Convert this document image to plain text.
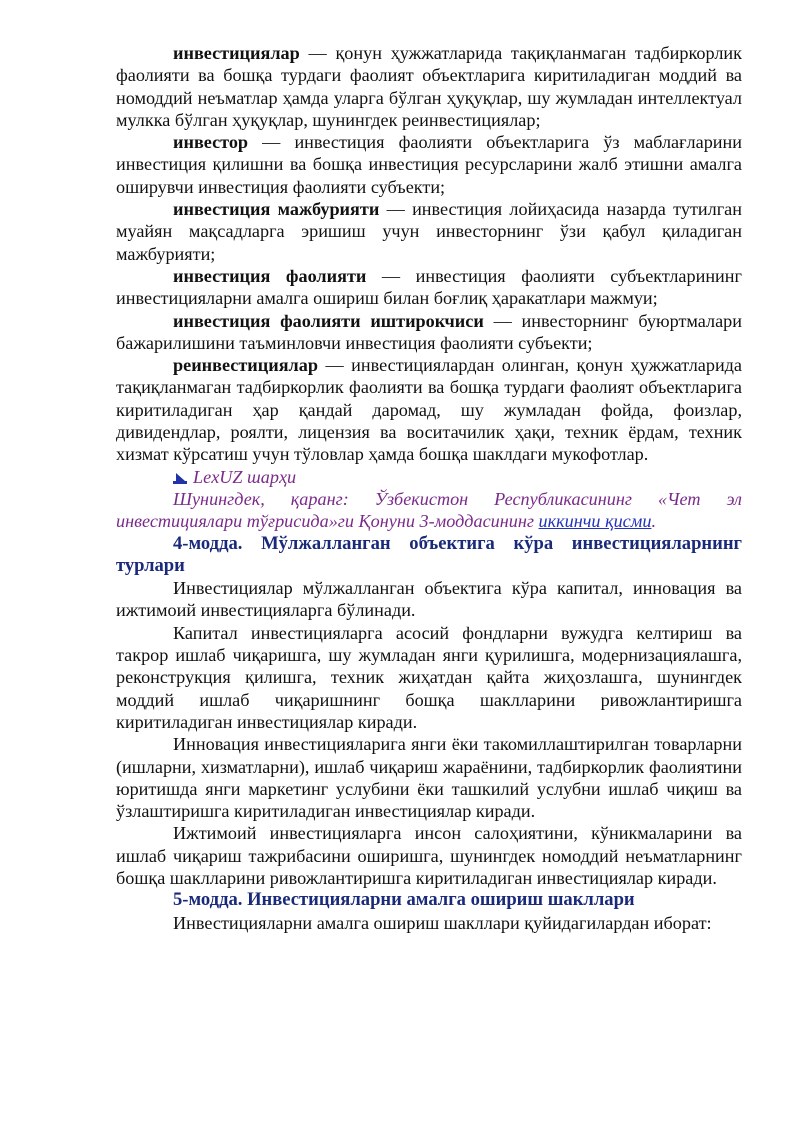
инвестициялар — қонун ҳужжатларида тақиқланмаган тадбиркорлик фаолияти ва бошқа турдаги фаолият объектларига киритиладиган моддий ва номоддий неъматлар ҳамда уларга бўлган ҳуқуқлар, шу жумладан интеллектуал мулкка бўлган ҳуқуқлар, шунингдек реинвестициялар;

инвестор — инвестиция фаолияти объектларига ўз маблағларини инвестиция қилишни ва бошқа инвестиция ресурсларини жалб этишни амалга оширувчи инвестиция фаолияти субъекти;

инвестиция мажбурияти — инвестиция лойиҳасида назарда тутилган муайян мақсадларга эришиш учун инвесторнинг ўзи қабул қиладиган мажбурияти;

инвестиция фаолияти — инвестиция фаолияти субъектларининг инвестицияларни амалга ошириш билан боғлиқ ҳаракатлари мажмуи;

инвестиция фаолияти иштирокчиси — инвесторнинг буюртмалари бажарилишини таъминловчи инвестиция фаолияти субъекти;

реинвестициялар — инвестициялардан олинган, қонун ҳужжатларида тақиқланмаган тадбиркорлик фаолияти ва бошқа турдаги фаолият объектларига киритиладиган ҳар қандай даромад, шу жумладан фойда, фоизлар, дивидендлар, роялти, лицензия ва воситачилик ҳақи, техник ёрдам, техник хизмат кўрсатиш учун тўловлар ҳамда бошқа шаклдаги мукофотлар.

LexUZ шарҳи

Шунингдек, қаранг: Ўзбекистон Республикасининг «Чет эл инвестициялари тўғрисида»ги Қонуни 3-моддасининг иккинчи қисми.

4-модда. Мўлжалланган объектига кўра инвестицияларнинг турлари

Инвестициялар мўлжалланган объектига кўра капитал, инновация ва ижтимоий инвестицияларга бўлинади.

Капитал инвестицияларга асосий фондларни вужудга келтириш ва такрор ишлаб чиқаришга, шу жумладан янги қурилишга, модернизациялашга, реконструкция қилишга, техник жиҳатдан қайта жиҳозлашга, шунингдек моддий ишлаб чиқаришнинг бошқа шаклларини ривожлантиришга киритиладиган инвестициялар киради.

Инновация инвестицияларига янги ёки такомиллаштирилган товарларни (ишларни, хизматларни), ишлаб чиқариш жараёнини, тадбиркорлик фаолиятини юритишда янги маркетинг услубини ёки ташкилий услубни ишлаб чиқиш ва ўзлаштиришга киритиладиган инвестициялар киради.

Ижтимоий инвестицияларга инсон салоҳиятини, кўникмаларини ва ишлаб чиқариш тажрибасини оширишга, шунингдек номоддий неъматларнинг бошқа шаклларини ривожлантиришга киритиладиган инвестициялар киради.

5-модда. Инвестицияларни амалга ошириш шакллари

Инвестицияларни амалга ошириш шакллари қуйидагилардан иборат:
